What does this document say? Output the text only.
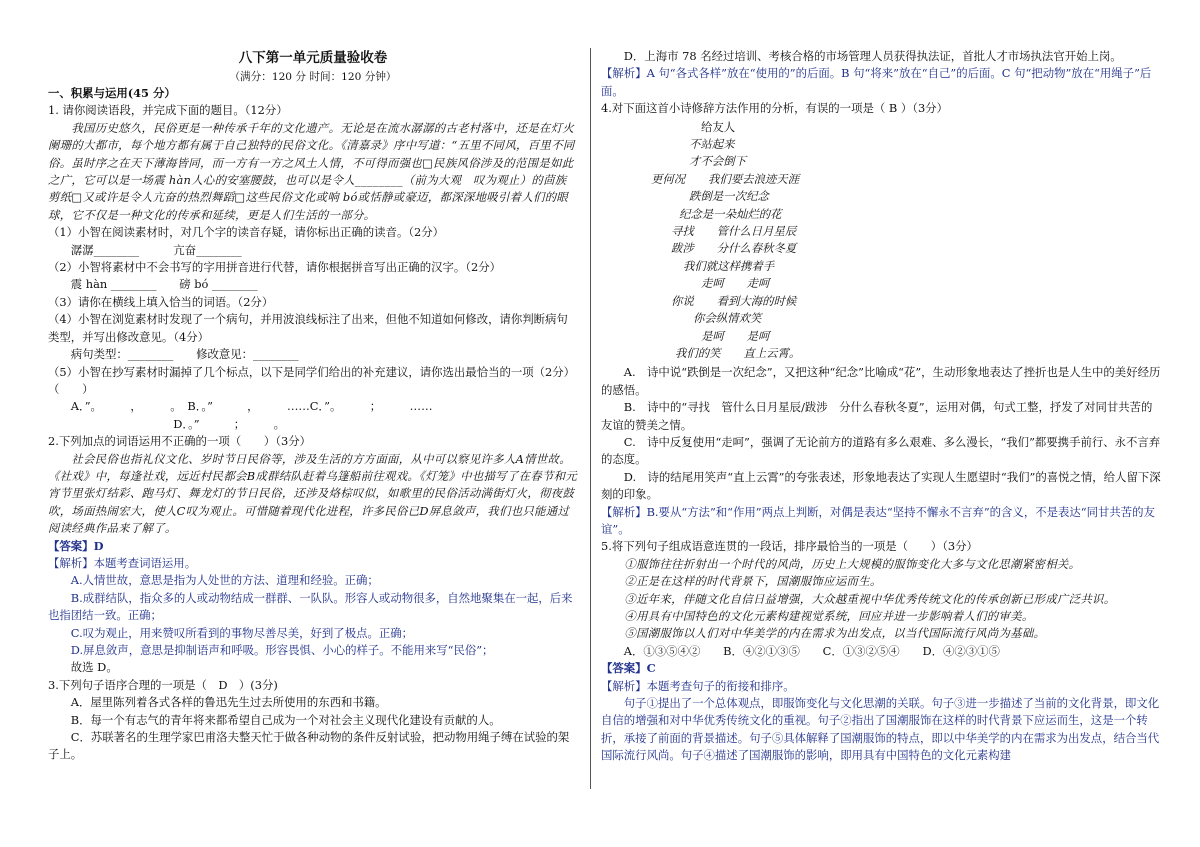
八下第一单元质量验收卷
（满分：120 分 时间：120 分钟）

一、积累与运用(45 分）

1. 请你阅读语段，并完成下面的题目。（12分）

　　我国历史悠久，民俗更是一种传承千年的文化遗产。无论是在流水潺潺的古老村落中，还是在灯火阑珊的大都市，每个地方都有属于自己独特的民俗文化。《清嘉录》序中写道：“五里不同风，百里不同俗。虽时序之在天下薄海皆同，而一方有一方之风土人情，不可得而强也□民族风俗涉及的范围是如此之广，它可以是一场震 hàn人心的安塞腰鼓，也可以是令人________（前为大观　叹为观止）的茴族剪纸□又或许是令人亢奋的热烈舞蹈□这些民俗文化或响 bó或恬静或豪迈，都深深地吸引着人们的眼球，它不仅是一种文化的传承和延续，更是人们生活的一部分。

（1）小智在阅读素材时，对几个字的读音存疑，请你标出正确的读音。（2分）

　　潺潺________　　　亢奋________

（2）小智将素材中不会书写的字用拼音进行代替，请你根据拼音写出正确的汉字。（2分）

　　震 hàn ________　　磅 bó ________

（3）请你在横线上填入恰当的词语。（2分）

（4）小智在浏览素材时发现了一个病句，并用波浪线标注了出来，但他不知道如何修改，请你判断病句类型，并写出修改意见。（4分）

　　病句类型：________　　修改意见：________

（5）小智在抄写素材时漏掉了几个标点，以下是同学们给出的补充建议，请你选出最恰当的一项（2分）（　　）

　　A．”。　　　，　　　。　B．。”　　　，　　　……C．”。　　　；　　　……

　　　　　　　　　　　D．。”　　　；　　　。

2.下列加点的词语运用不正确的一项（　　）（3分）

　　社会民俗也指礼仪文化、岁时节日民俗等，涉及生活的方方面面，从中可以察见许多人A情世故。《社戏》中，每逢社戏，远近村民都会B成群结队赶着乌篷船前往观戏。《灯笼》中也描写了在春节和元宵节里张灯结彩、跑马灯、舞龙灯的节日民俗，还涉及烙棕叹似，如歌里的民俗活动满街灯火，彻夜鼓吹，场面热闹宏大，使人C叹为观止。可惜随着现代化进程，许多民俗已D屏息敛声，我们也只能通过阅读经典作品来了解了。

【答案】D

【解析】本题考查词语运用。

　　A.人情世故，意思是指为人处世的方法、道理和经验。正确；

　　B.成群结队，指众多的人或动物结成一群群、一队队。形容人或动物很多，自然地聚集在一起，后来也指团结一致。正确；

　　C.叹为观止，用来赞叹所看到的事物尽善尽美，好到了极点。正确；

　　D.屏息敛声，意思是抑制语声和呼吸。形容畏惧、小心的样子。不能用来写“民俗”；

　　故选 D。

3.下列句子语序合理的一项是（　D　）(3分)

　　A．屋里陈列着各式各样的鲁迅先生过去所使用的东西和书籍。

　　B．每一个有志气的青年将来都希望自己成为一个对社会主义现代化建设有贡献的人。

　　C．苏联著名的生理学家巴甫洛夫整天忙于做各种动物的条件反射试验，把动物用绳子缚在试验的架子上。

　　D．上海市 78 名经过培训、考核合格的市场管理人员获得执法证，首批人才市场执法官开始上岗。

【解析】A 句“各式各样”放在“使用的”的后面。B 句“将来”放在“自己”的后面。C 句“把动物”放在“用绳子”后面。

4.对下面这首小诗修辞方法作用的分析，有误的一项是（ B ）（3分）

给友人

不站起来

才不会倒下

更何况　　我们要去浪迹天涯

跌倒是一次纪念

纪念是一朵灿烂的花

寻找　　管什么日月星辰

跋涉　　分什么春秋冬夏

我们就这样携着手

走呵　　走呵

你说　　看到大海的时候

你会纵情欢笑

是呵　　是呵

我们的笑　　直上云霄。

　　A.　诗中说“跌倒是一次纪念”，又把这种“纪念”比喻成“花”，生动形象地表达了挫折也是人生中的美好经历的感悟。

　　B.　诗中的“寻找　管什么日月星辰/跋涉　分什么春秋冬夏”，运用对偶，句式工整，抒发了对同甘共苦的友谊的赞美之情。

　　C.　诗中反复使用“走呵”，强调了无论前方的道路有多么艰难、多么漫长，“我们”都要携手前行、永不言弃的态度。

　　D.　诗的结尾用笑声“直上云霄”的夸张表述，形象地表达了实现人生愿望时“我们”的喜悦之情，给人留下深刻的印象。

【解析】B.要从“方法”和“作用”两点上判断，对偶是表达“坚持不懈永不言弃”的含义，不是表达“同甘共苦的友谊”。

5.将下列句子组成语意连贯的一段话，排序最恰当的一项是（　　）（3分）

　　①服饰往往折射出一个时代的风尚，历史上大规模的服饰变化大多与文化思潮紧密相关。

　　②正是在这样的时代背景下，国潮服饰应运而生。

　　③近年来，伴随文化自信日益增强，大众越重视中华优秀传统文化的传承创新已形成广泛共识。

　　④用具有中国特色的文化元素构建视觉系统，回应并进一步影响着人们的审美。

　　⑤国潮服饰以人们对中华美学的内在需求为出发点，以当代国际流行风尚为基础。

　　A．①③⑤④②　　B．④②①③⑤　　C．①③②⑤④　　D．④②③①⑤

【答案】C

【解析】本题考查句子的衔接和排序。

　　句子①提出了一个总体观点，即服饰变化与文化思潮的关联。句子③进一步描述了当前的文化背景，即文化自信的增强和对中华优秀传统文化的重视。句子②指出了国潮服饰在这样的时代背景下应运而生，这是一个转折，承接了前面的背景描述。句子⑤具体解释了国潮服饰的特点，即以中华美学的内在需求为出发点，结合当代国际流行风尚。句子④描述了国潮服饰的影响，即用具有中国特色的文化元素构建
